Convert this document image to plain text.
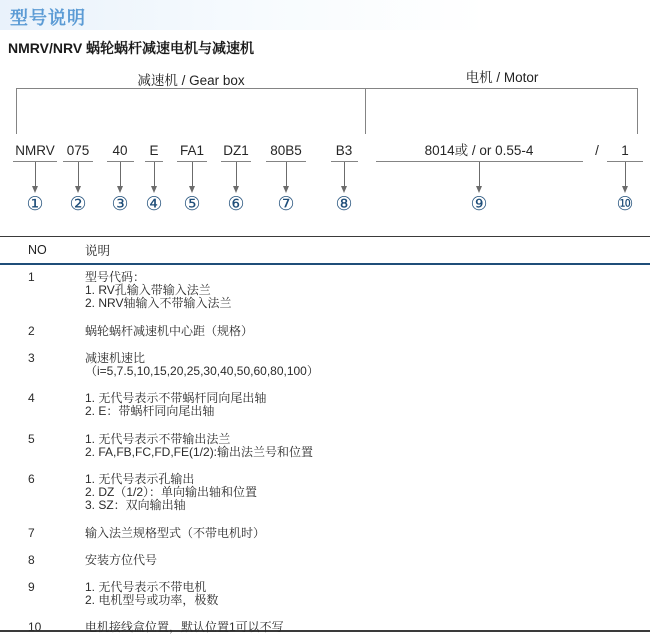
型号说明
NMRV/NRV 蜗轮蜗杆减速电机与减速机
减速机 / Gear box	电机 / Motor
NMRV
①
075
②
40
③
E
④
FA1
⑤
DZ1
⑥
80B5
⑦
B3
⑧
8014或 / or 0.55-4
⑨
1
⑩
/
NO	说明
1	型号代码：
1. RV孔输入带输入法兰
2. NRV轴输入不带输入法兰
2	蜗轮蜗杆减速机中心距（规格）
3	减速机速比
（i=5,7.5,10,15,20,25,30,40,50,60,80,100）
4	1. 无代号表示不带蜗杆同向尾出轴
2. E：带蜗杆同向尾出轴
5	1. 无代号表示不带输出法兰
2. FA,FB,FC,FD,FE(1/2):输出法兰号和位置
6	1. 无代号表示孔输出
2. DZ（1/2）：单向输出轴和位置
3. SZ：双向输出轴
7	输入法兰规格型式（不带电机时）
8	安装方位代号
9	1. 无代号表示不带电机
2. 电机型号或功率，极数
10	电机接线盒位置，默认位置1可以不写
